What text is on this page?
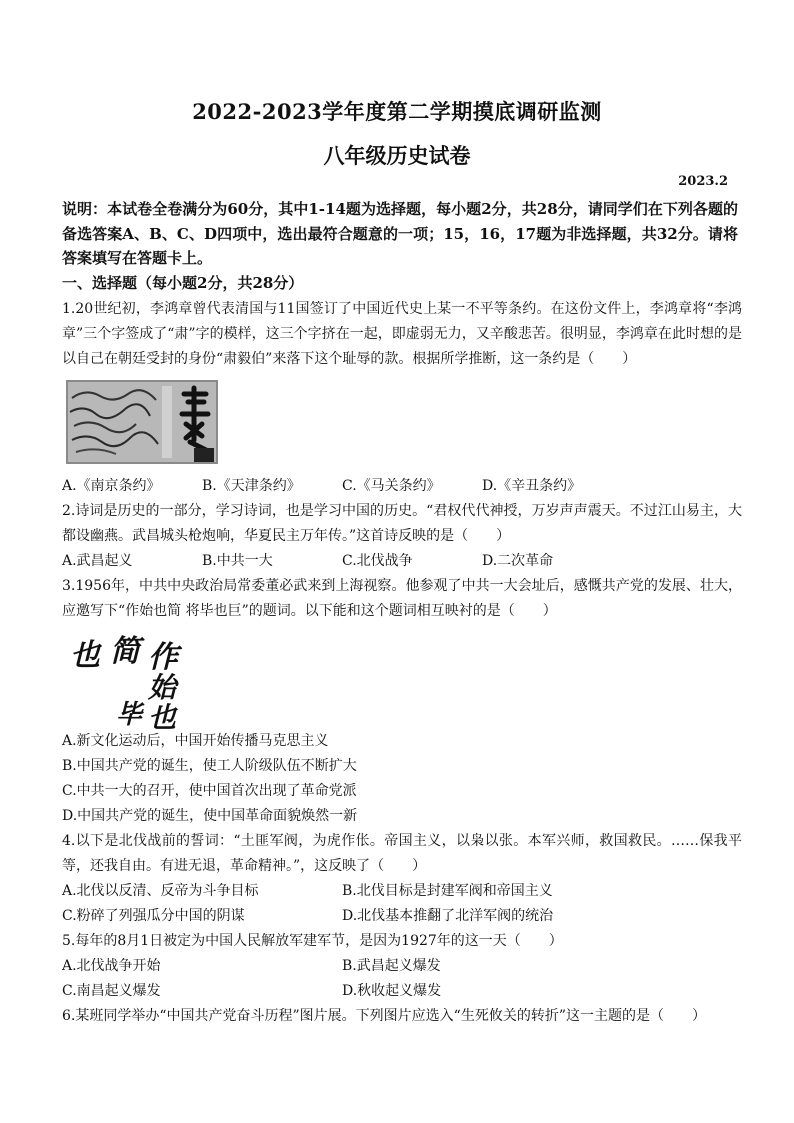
2022-2023学年度第二学期摸底调研监测
八年级历史试卷
2023.2
说明：本试卷全卷满分为60分，其中1-14题为选择题，每小题2分，共28分，请同学们在下列各题的备选答案A、B、C、D四项中，选出最符合题意的一项；15，16，17题为非选择题，共32分。请将答案填写在答题卡上。
一、选择题（每小题2分，共28分）
1.20世纪初，李鸿章曾代表清国与11国签订了中国近代史上某一不平等条约。在这份文件上，李鸿章将“李鸿章”三个字签成了“肃”字的模样，这三个字挤在一起，即虚弱无力，又辛酸悲苦。很明显，李鸿章在此时想的是以自己在朝廷受封的身份“肃毅伯”来落下这个耻辱的款。根据所学推断，这一条约是（　　）
A.《南京条约》	B.《天津条约》	C.《马关条约》	D.《辛丑条约》
2.诗词是历史的一部分，学习诗词，也是学习中国的历史。“君权代代神授，万岁声声震天。不过江山易主，大都设幽燕。武昌城头枪炮响，华夏民主万年传。”这首诗反映的是（　　）
A.武昌起义	B.中共一大	C.北伐战争	D.二次革命
3.1956年，中共中央政治局常委董必武来到上海视察。他参观了中共一大会址后，感慨共产党的发展、壮大，应邀写下“作始也简 将毕也巨”的题词。以下能和这个题词相互映衬的是（　　）
也 简 作
始
毕 也
A.新文化运动后，中国开始传播马克思主义
B.中国共产党的诞生，使工人阶级队伍不断扩大
C.中共一大的召开，使中国首次出现了革命党派
D.中国共产党的诞生，使中国革命面貌焕然一新
4.以下是北伐战前的誓词：“土匪军阀，为虎作伥。帝国主义，以枭以张。本军兴师，救国救民。……保我平等，还我自由。有进无退，革命精神。”，这反映了（　　）
A.北伐以反清、反帝为斗争目标	B.北伐目标是封建军阀和帝国主义
C.粉碎了列强瓜分中国的阴谋	D.北伐基本推翻了北洋军阀的统治
5.每年的8月1日被定为中国人民解放军建军节，是因为1927年的这一天（　　）
A.北伐战争开始	B.武昌起义爆发
C.南昌起义爆发	D.秋收起义爆发
6.某班同学举办“中国共产党奋斗历程”图片展。下列图片应选入“生死攸关的转折”这一主题的是（　　）
